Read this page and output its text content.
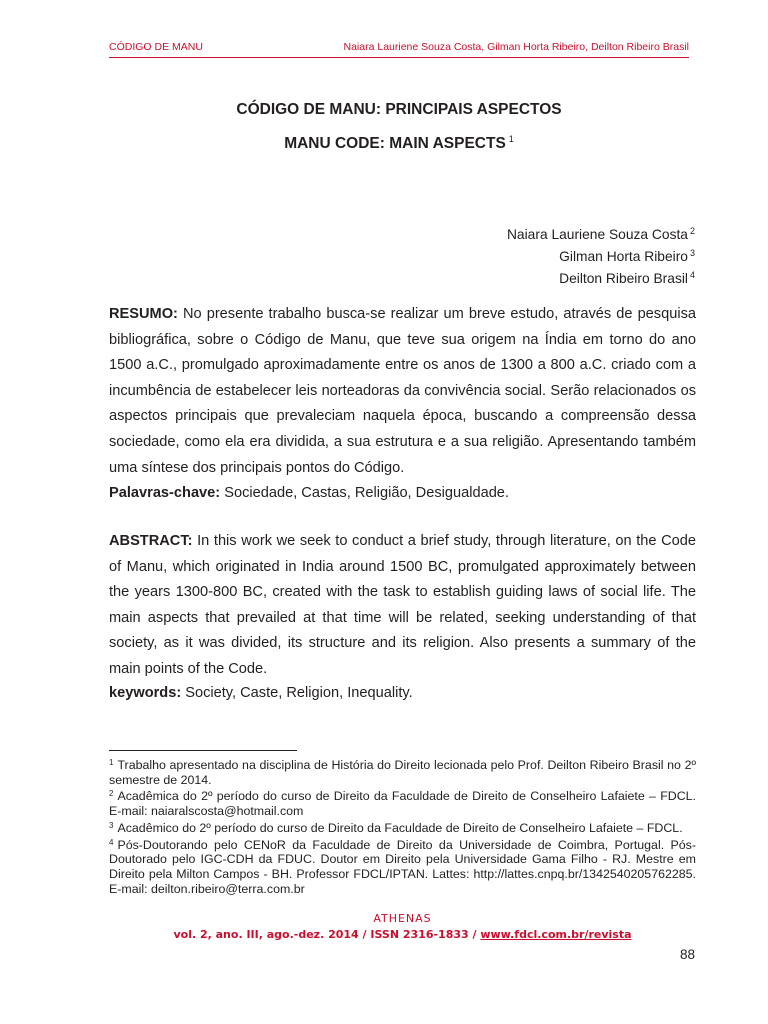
CÓDIGO DE MANU	Naiara Lauriene Souza Costa, Gilman Horta Ribeiro, Deilton Ribeiro Brasil
CÓDIGO DE MANU: PRINCIPAIS ASPECTOS
MANU CODE: MAIN ASPECTS $^1$
Naiara Lauriene Souza Costa $^2$
Gilman Horta Ribeiro $^3$
Deilton Ribeiro Brasil $^4$

RESUMO: No presente trabalho busca-se realizar um breve estudo, através de pesquisa bibliográfica, sobre o Código de Manu, que teve sua origem na Índia em torno do ano 1500 a.C., promulgado aproximadamente entre os anos de 1300 a 800 a.C. criado com a incumbência de estabelecer leis norteadoras da convivência social. Serão relacionados os aspectos principais que prevaleciam naquela época, buscando a compreensão dessa sociedade, como ela era dividida, a sua estrutura e a sua religião. Apresentando também uma síntese dos principais pontos do Código.

Palavras-chave: Sociedade, Castas, Religião, Desigualdade.

ABSTRACT: In this work we seek to conduct a brief study, through literature, on the Code of Manu, which originated in India around 1500 BC, promulgated approximately between the years 1300-800 BC, created with the task to establish guiding laws of social life. The main aspects that prevailed at that time will be related, seeking understanding of that society, as it was divided, its structure and its religion. Also presents a summary of the main points of the Code.

keywords: Society, Caste, Religion, Inequality.

$^1$ Trabalho apresentado na disciplina de História do Direito lecionada pelo Prof. Deilton Ribeiro Brasil no 2º semestre de 2014.

$^2$ Acadêmica do 2º período do curso de Direito da Faculdade de Direito de Conselheiro Lafaiete – FDCL. E-mail: naiaralscosta@hotmail.com

$^3$ Acadêmico do 2º período do curso de Direito da Faculdade de Direito de Conselheiro Lafaiete – FDCL.

$^4$ Pós-Doutorando pelo CENoR da Faculdade de Direito da Universidade de Coimbra, Portugal. Pós-Doutorado pelo IGC-CDH da FDUC. Doutor em Direito pela Universidade Gama Filho - RJ. Mestre em Direito pela Milton Campos - BH. Professor FDCL/IPTAN. Lattes: http://lattes.cnpq.br/1342540205762285. E-mail: deilton.ribeiro@terra.com.br

ATHENAS
vol. 2, ano. III, ago.-dez. 2014 / ISSN 2316-1833 / www.fdcl.com.br/revista
88
